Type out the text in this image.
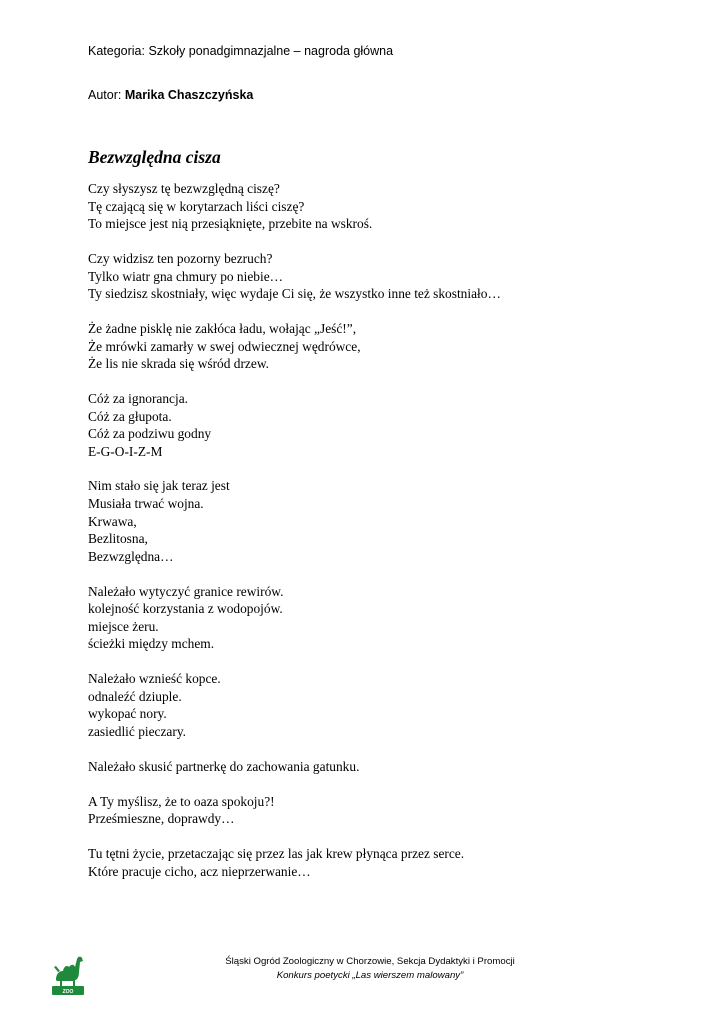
Kategoria: Szkoły ponadgimnazjalne – nagroda główna
Autor: Marika Chaszczyńska
Bezwzględna cisza
Czy słyszysz tę bezwzględną ciszę?
Tę czającą się w korytarzach liści ciszę?
To miejsce jest nią przesiąknięte, przebite na wskroś.
Czy widzisz ten pozorny bezruch?
Tylko wiatr gna chmury po niebie…
Ty siedzisz skostniały, więc wydaje Ci się, że wszystko inne też skostniało…
Że żadne pisklę nie zakłóca ładu, wołając „Jeść!”,
Że mrówki zamarły w swej odwiecznej wędrówce,
Że lis nie skrada się wśród drzew.
Cóż za ignorancja.
Cóż za głupota.
Cóż za podziwu godny
E-G-O-I-Z-M
Nim stało się jak teraz jest
Musiała trwać wojna.
Krwawa,
Bezlitosna,
Bezwzględna…
Należało wytyczyć granice rewirów.
kolejność korzystania z wodopojów.
miejsce żeru.
ścieżki między mchem.
Należało wznieść kopce.
odnaleźć dziuple.
wykopać nory.
zasiedlić pieczary.
Należało skusić partnerkę do zachowania gatunku.
A Ty myślisz, że to oaza spokoju?!
Prześmieszne, doprawdy…
Tu tętni życie, przetaczając się przez las jak krew płynąca przez serce.
Które pracuje cicho, acz nieprzerwanie…
ZOO
Śląski Ogród Zoologiczny w Chorzowie, Sekcja Dydaktyki i Promocji
Konkurs poetycki „Las wierszem malowany”
